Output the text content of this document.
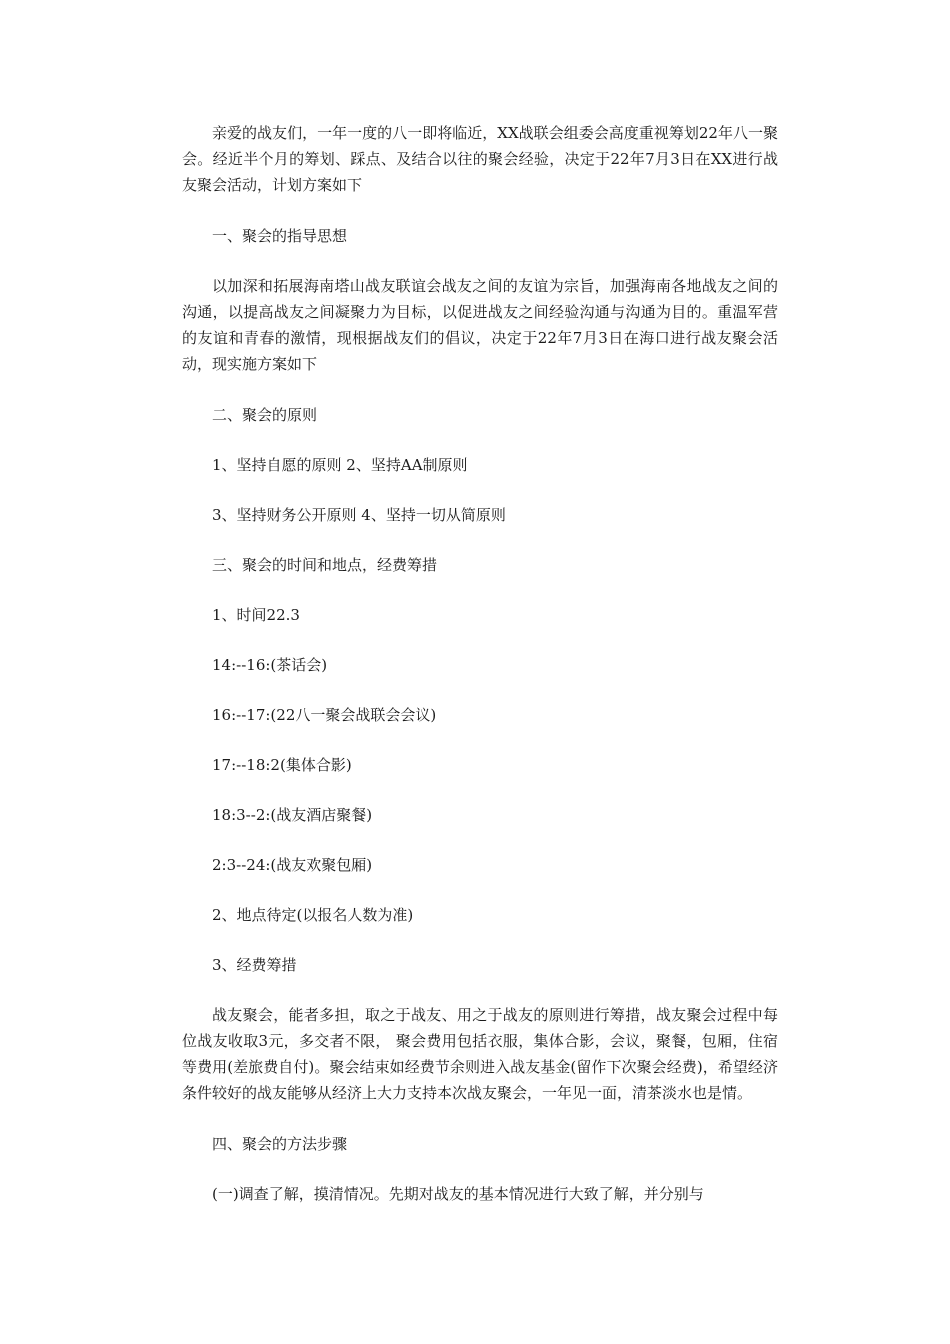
亲爱的战友们，一年一度的八一即将临近，XX战联会组委会高度重视筹划22年八一聚会。经近半个月的筹划、踩点、及结合以往的聚会经验，决定于22年7月3日在XX进行战友聚会活动，计划方案如下

一、聚会的指导思想

以加深和拓展海南塔山战友联谊会战友之间的友谊为宗旨，加强海南各地战友之间的沟通，以提高战友之间凝聚力为目标，以促进战友之间经验沟通与沟通为目的。重温军营的友谊和青春的激情，现根据战友们的倡议，决定于22年7月3日在海口进行战友聚会活动，现实施方案如下

二、聚会的原则

1、坚持自愿的原则 2、坚持AA制原则

3、坚持财务公开原则 4、坚持一切从简原则

三、聚会的时间和地点，经费筹措

1、时间22.3

14:--16:(茶话会)

16:--17:(22八一聚会战联会会议)

17:--18:2(集体合影)

18:3--2:(战友酒店聚餐)

2:3--24:(战友欢聚包厢)

2、地点待定(以报名人数为准)

3、经费筹措

战友聚会，能者多担，取之于战友、用之于战友的原则进行筹措，战友聚会过程中每位战友收取3元，多交者不限， 聚会费用包括衣服，集体合影，会议，聚餐，包厢，住宿等费用(差旅费自付)。聚会结束如经费节余则进入战友基金(留作下次聚会经费)，希望经济条件较好的战友能够从经济上大力支持本次战友聚会，一年见一面，清茶淡水也是情。

四、聚会的方法步骤

(一)调查了解，摸清情况。先期对战友的基本情况进行大致了解，并分别与
